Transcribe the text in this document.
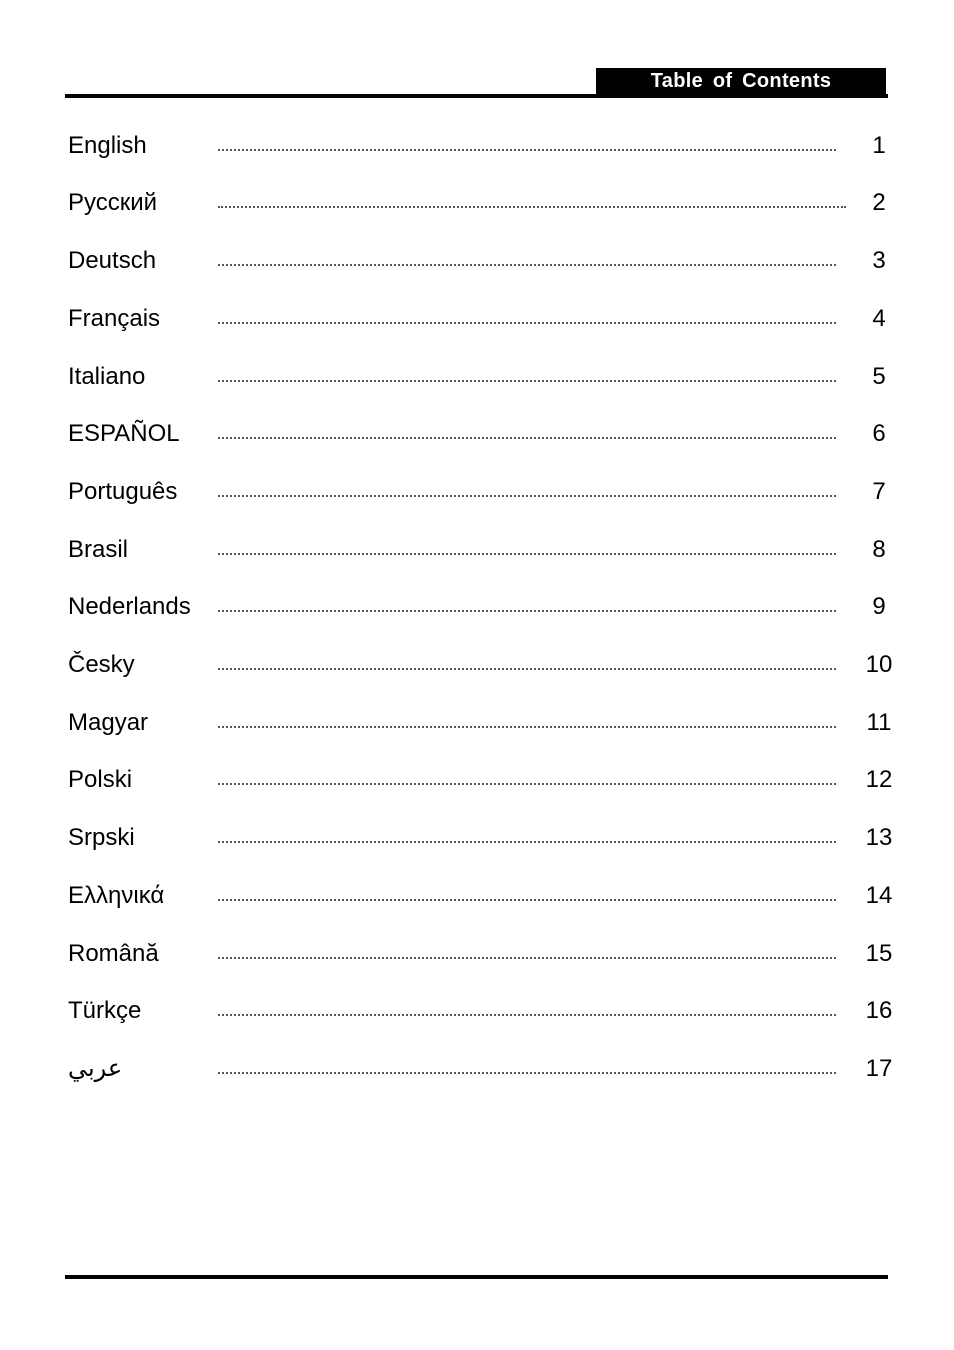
Table of Contents
English	1
Русский	2
Deutsch	3
Français	4
Italiano	5
ESPAÑOL	6
Português	7
Brasil	8
Nederlands	9
Česky	10
Magyar	11
Polski	12
Srpski	13
Ελληνικά	14
Română	15
Türkçe	16
عربي	17
